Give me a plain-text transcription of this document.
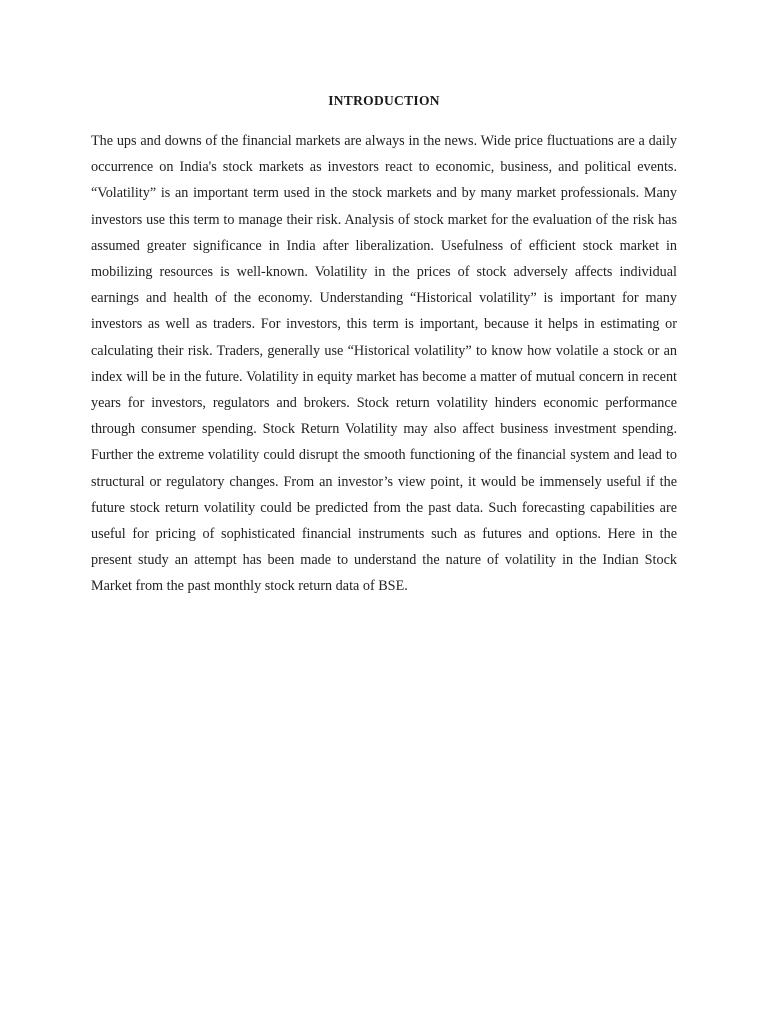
INTRODUCTION

The ups and downs of the financial markets are always in the news. Wide price fluctuations are a daily occurrence on India's stock markets as investors react to economic, business, and political events. “Volatility” is an important term used in the stock markets and by many market professionals. Many investors use this term to manage their risk. Analysis of stock market for the evaluation of the risk has assumed greater significance in India after liberalization. Usefulness of efficient stock market in mobilizing resources is well-known. Volatility in the prices of stock adversely affects individual earnings and health of the economy. Understanding “Historical volatility” is important for many investors as well as traders. For investors, this term is important, because it helps in estimating or calculating their risk. Traders, generally use “Historical volatility” to know how volatile a stock or an index will be in the future. Volatility in equity market has become a matter of mutual concern in recent years for investors, regulators and brokers. Stock return volatility hinders economic performance through consumer spending. Stock Return Volatility may also affect business investment spending. Further the extreme volatility could disrupt the smooth functioning of the financial system and lead to structural or regulatory changes. From an investor’s view point, it would be immensely useful if the future stock return volatility could be predicted from the past data. Such forecasting capabilities are useful for pricing of sophisticated financial instruments such as futures and options. Here in the present study an attempt has been made to understand the nature of volatility in the Indian Stock Market from the past monthly stock return data of BSE.
